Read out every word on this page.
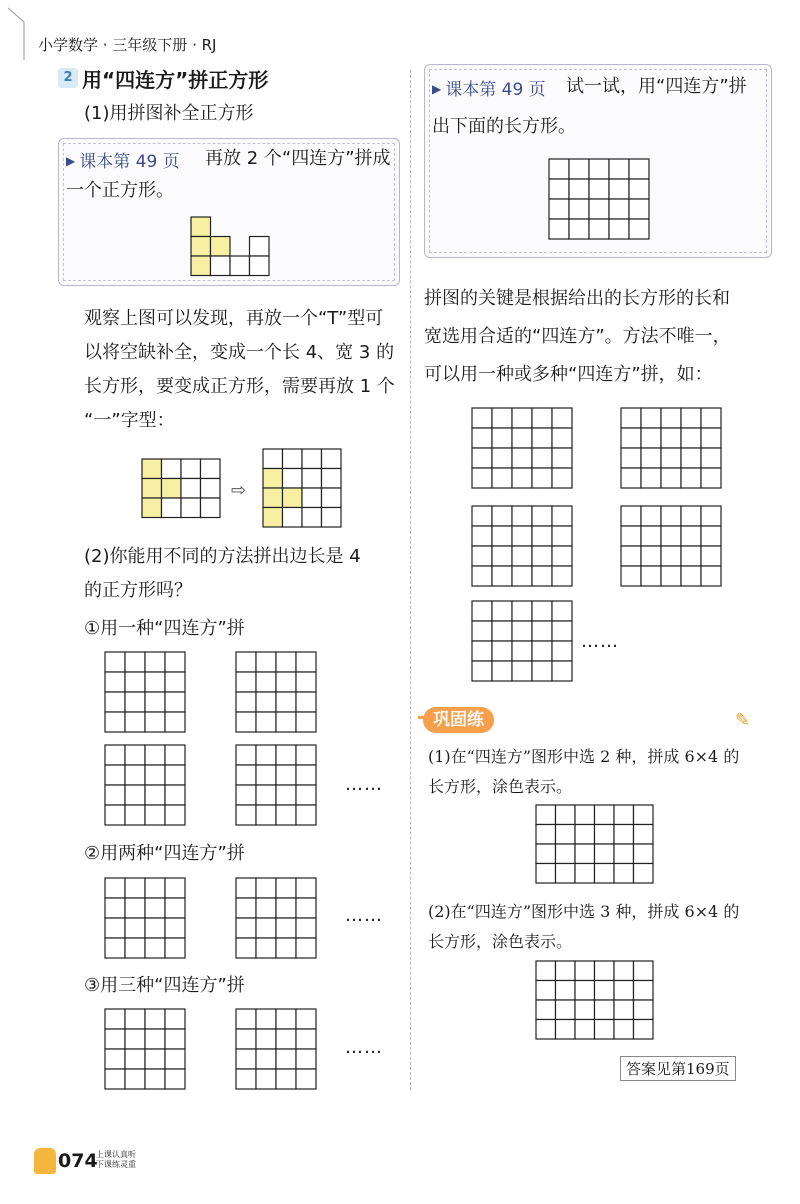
小学数学 · 三年级下册 · RJ
2 用“四连方”拼正方形
(1)用拼图补全正方形
▶ 课本第 49 页 再放 2 个“四连方”拼成
一个正方形。
观察上图可以发现，再放一个“T”型可
以将空缺补全，变成一个长 4、宽 3 的
长方形，要变成正方形，需要再放 1 个
“一”字型：
⇨
(2)你能用不同的方法拼出边长是 4
的正方形吗？
①用一种“四连方”拼
……
②用两种“四连方”拼
……
③用三种“四连方”拼
……
▶ 课本第 49 页 试一试，用“四连方”拼
出下面的长方形。
拼图的关键是根据给出的长方形的长和
宽选用合适的“四连方”。方法不唯一，
可以用一种或多种“四连方”拼，如：
……
巩固练	✎
(1)在“四连方”图形中选 2 种，拼成 6×4 的
长方形，涂色表示。
(2)在“四连方”图形中选 3 种，拼成 6×4 的
长方形，涂色表示。
答案见第169页
074
上课认真听
下课练灵重
